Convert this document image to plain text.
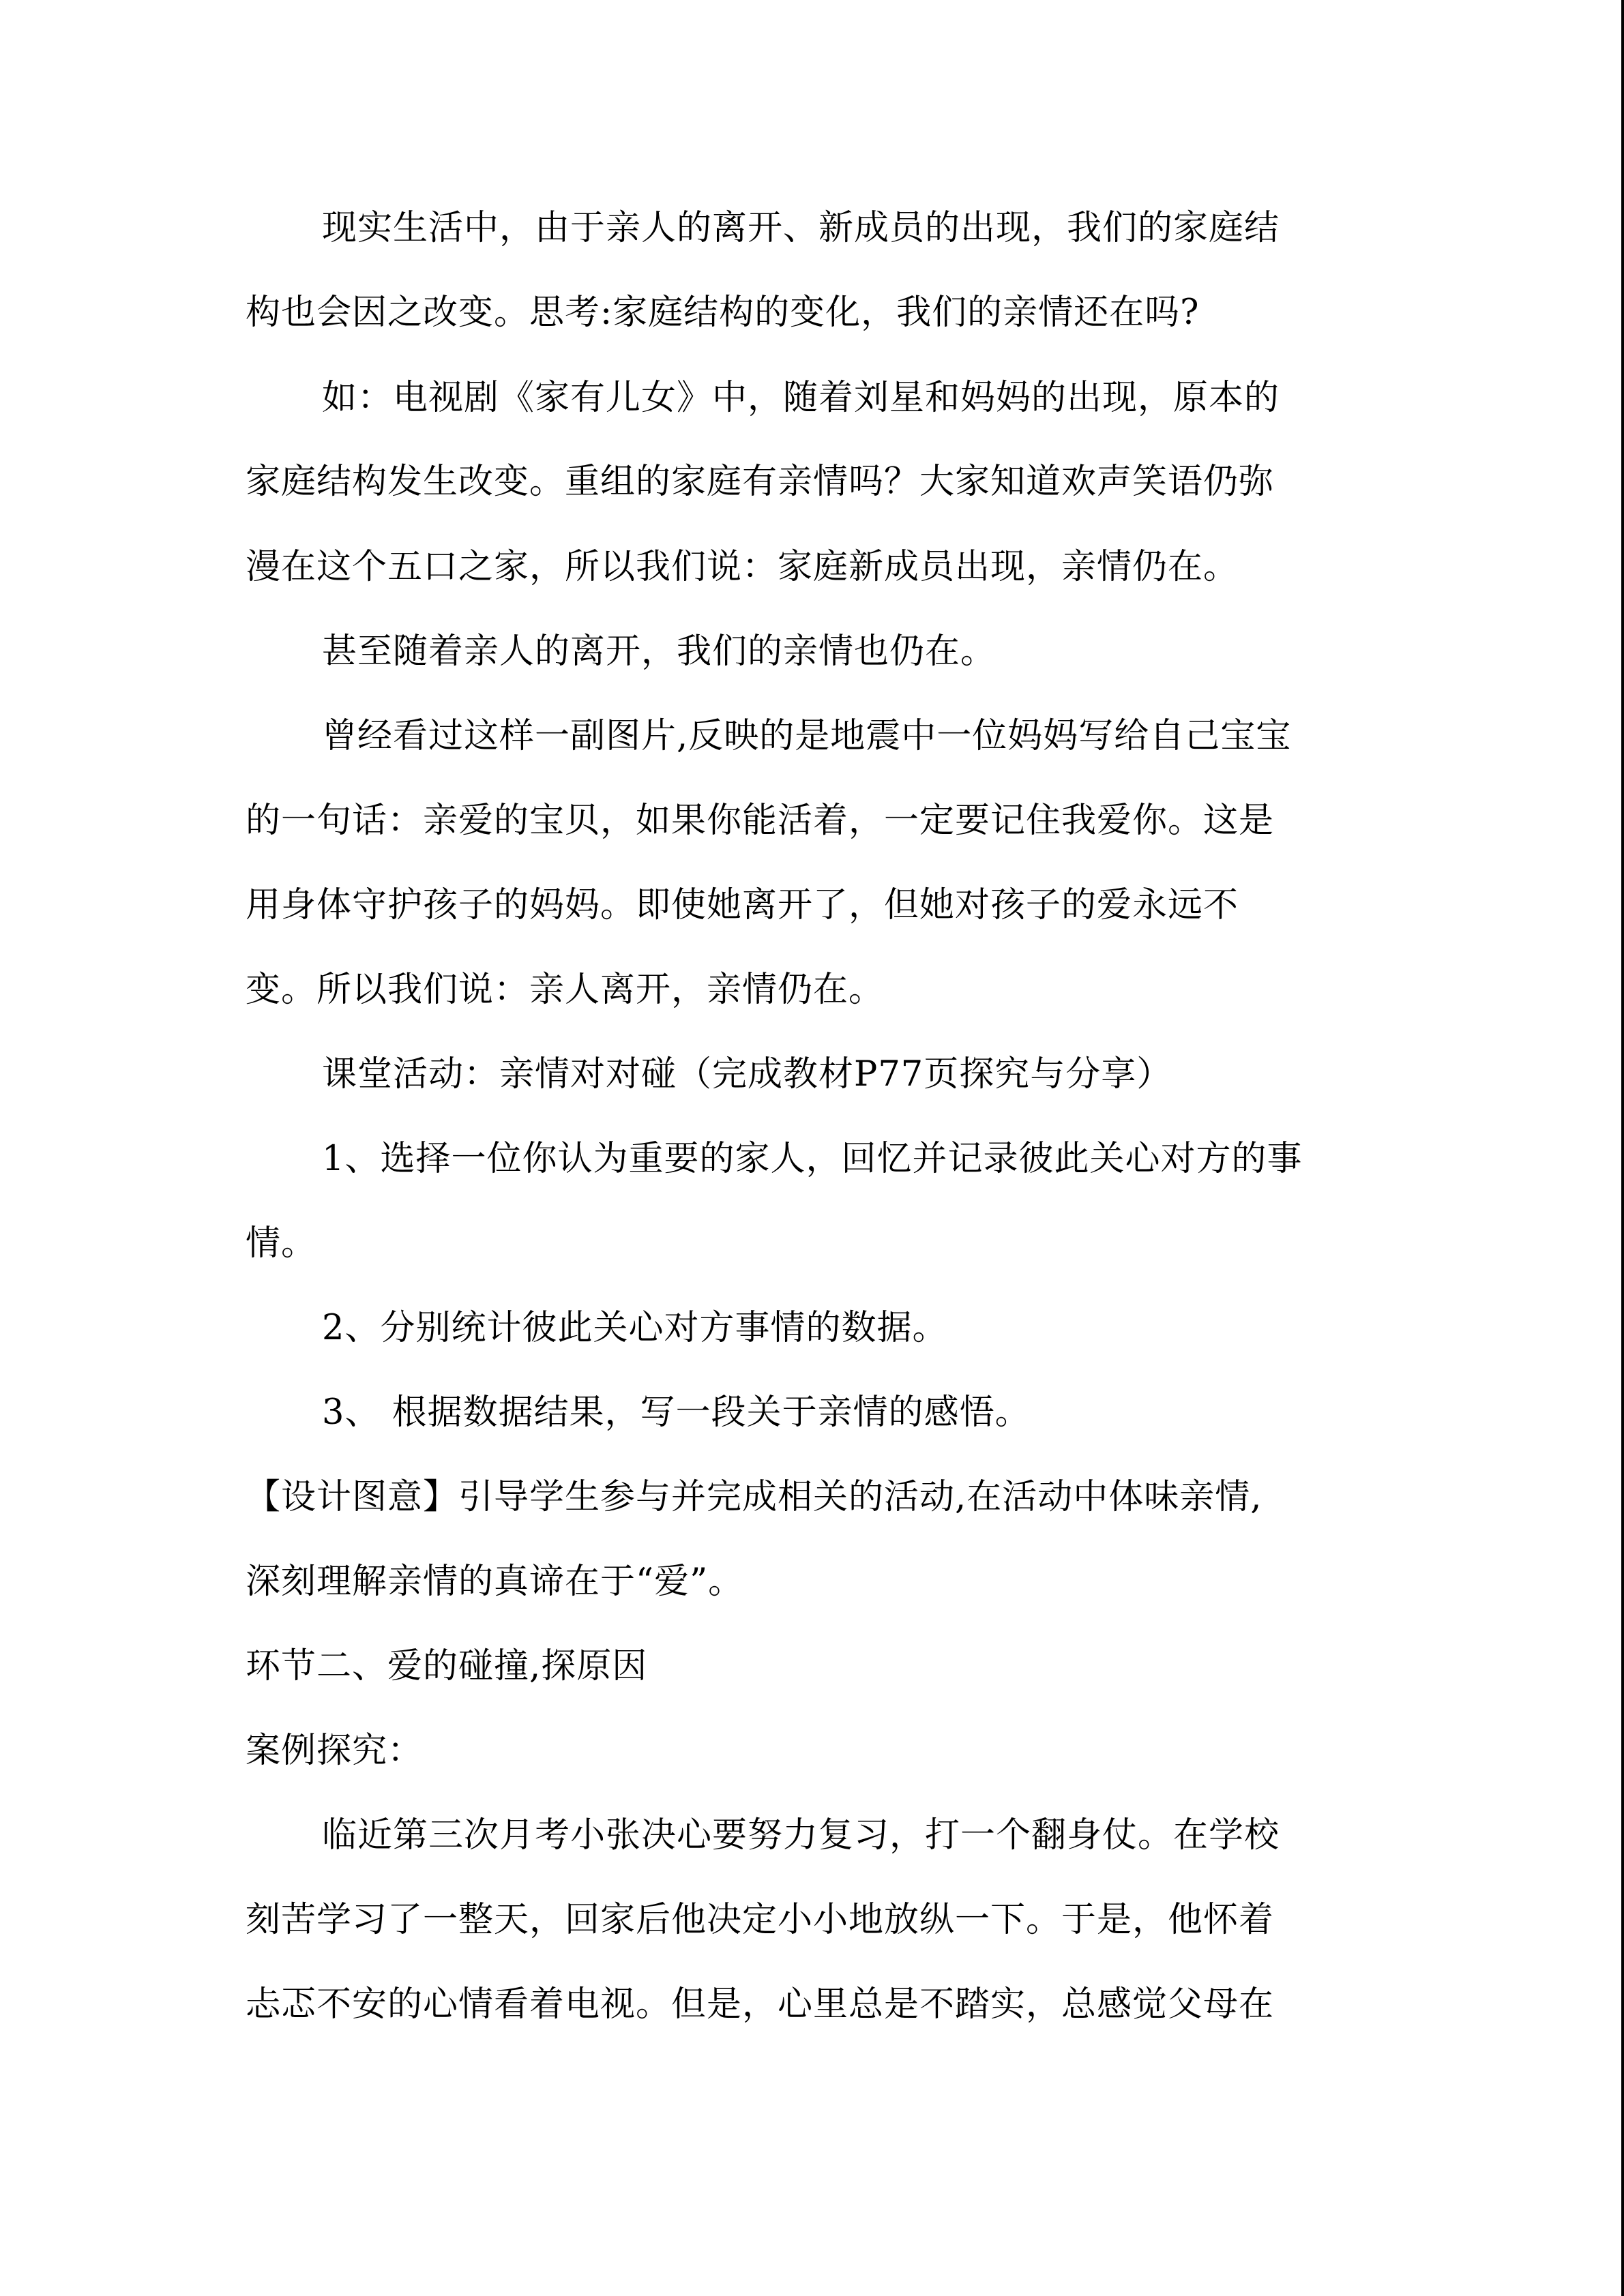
现实生活中，由于亲人的离开、新成员的出现，我们的家庭结
构也会因之改变。思考:家庭结构的变化，我们的亲情还在吗?
如：电视剧《家有儿女》中，随着刘星和妈妈的出现，原本的
家庭结构发生改变。重组的家庭有亲情吗？大家知道欢声笑语仍弥
漫在这个五口之家，所以我们说：家庭新成员出现，亲情仍在。
甚至随着亲人的离开，我们的亲情也仍在。
曾经看过这样一副图片,反映的是地震中一位妈妈写给自己宝宝
的一句话：亲爱的宝贝，如果你能活着，一定要记住我爱你。这是
用身体守护孩子的妈妈。即使她离开了，但她对孩子的爱永远不
变。所以我们说：亲人离开，亲情仍在。
课堂活动：亲情对对碰（完成教材P77页探究与分享）
1、选择一位你认为重要的家人，回忆并记录彼此关心对方的事
情。
2、分别统计彼此关心对方事情的数据。
3、 根据数据结果，写一段关于亲情的感悟。
【设计图意】引导学生参与并完成相关的活动,在活动中体味亲情,
深刻理解亲情的真谛在于“爱”。
环节二、爱的碰撞,探原因
案例探究：
临近第三次月考小张决心要努力复习，打一个翻身仗。在学校
刻苦学习了一整天，回家后他决定小小地放纵一下。于是，他怀着
忐忑不安的心情看着电视。但是，心里总是不踏实，总感觉父母在
